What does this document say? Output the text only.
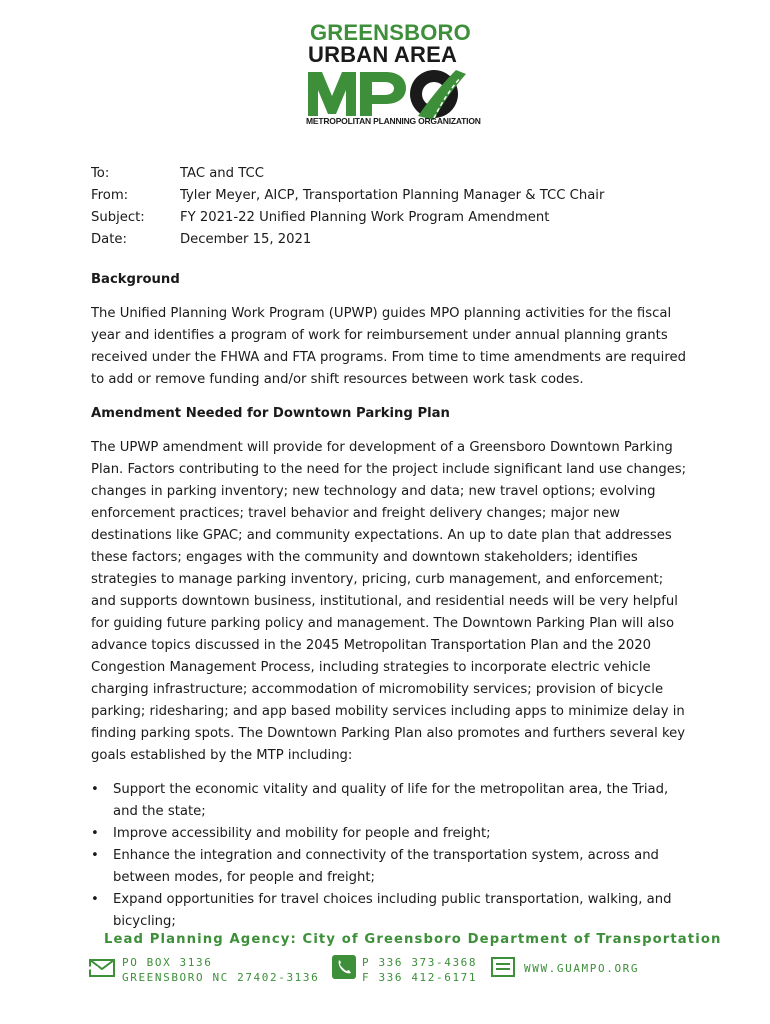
GREENSBORO
URBAN AREA
METROPOLITAN PLANNING ORGANIZATION
To:	TAC and TCC
From:	Tyler Meyer, AICP, Transportation Planning Manager & TCC Chair
Subject:	FY 2021-22 Unified Planning Work Program Amendment
Date:	December 15, 2021
Background

The Unified Planning Work Program (UPWP) guides MPO planning activities for the fiscal year and identifies a program of work for reimbursement under annual planning grants received under the FHWA and FTA programs. From time to time amendments are required to add or remove funding and/or shift resources between work task codes.

Amendment Needed for Downtown Parking Plan

The UPWP amendment will provide for development of a Greensboro Downtown Parking Plan. Factors contributing to the need for the project include significant land use changes; changes in parking inventory; new technology and data; new travel options; evolving enforcement practices; travel behavior and freight delivery changes; major new destinations like GPAC; and community expectations. An up to date plan that addresses these factors; engages with the community and downtown stakeholders; identifies strategies to manage parking inventory, pricing, curb management, and enforcement; and supports downtown business, institutional, and residential needs will be very helpful for guiding future parking policy and management. The Downtown Parking Plan will also advance topics discussed in the 2045 Metropolitan Transportation Plan and the 2020 Congestion Management Process, including strategies to incorporate electric vehicle charging infrastructure; accommodation of micromobility services; provision of bicycle parking; ridesharing; and app based mobility services including apps to minimize delay in finding parking spots. The Downtown Parking Plan also promotes and furthers several key goals established by the MTP including:

• Support the economic vitality and quality of life for the metropolitan area, the Triad, and the state;
• Improve accessibility and mobility for people and freight;
• Enhance the integration and connectivity of the transportation system, across and between modes, for people and freight;
• Expand opportunities for travel choices including public transportation, walking, and bicycling;
Lead Planning Agency: City of Greensboro Department of Transportation
PO BOX 3136
GREENSBORO NC 27402-3136
P 336 373-4368
F 336 412-6171
WWW.GUAMPO.ORG
